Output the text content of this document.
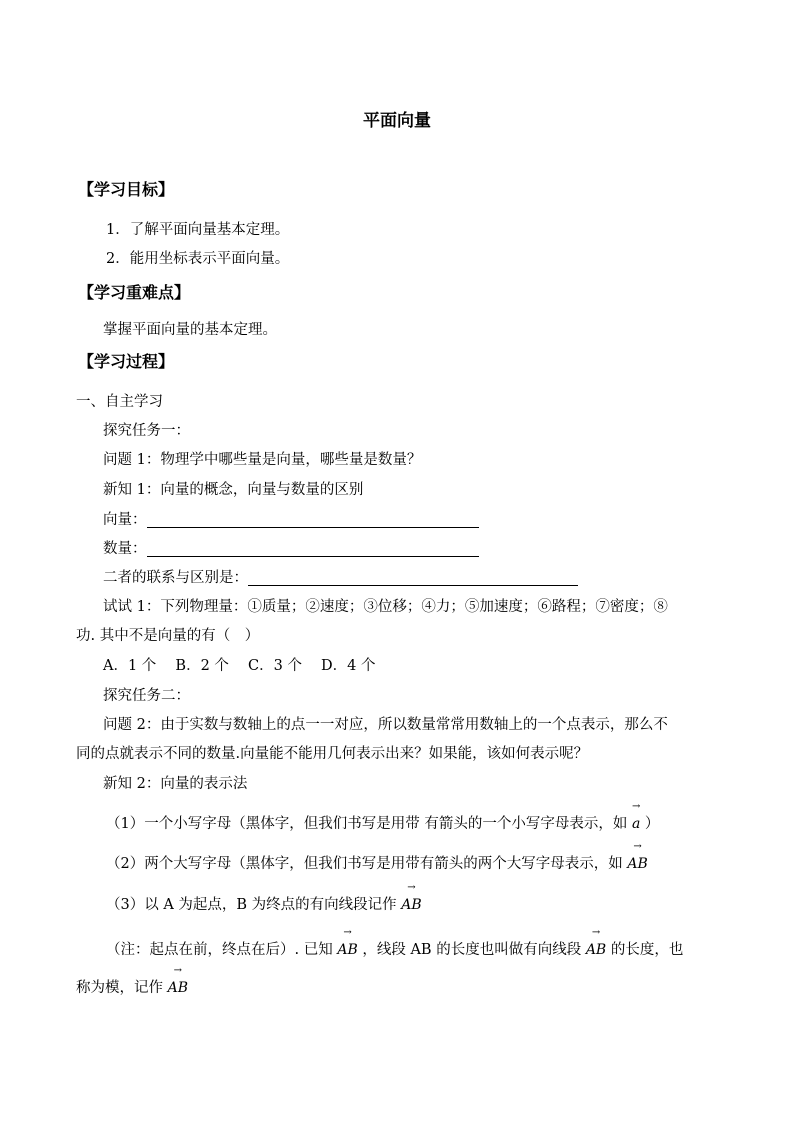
平面向量
【学习目标】
1．了解平面向量基本定理。
2．能用坐标表示平面向量。
【学习重难点】
掌握平面向量的基本定理。
【学习过程】
一、自主学习
探究任务一：
问题 1：物理学中哪些量是向量，哪些量是数量？
新知 1：向量的概念，向量与数量的区别
向量：
数量：
二者的联系与区别是：
试试 1：下列物理量：①质量；②速度；③位移；④力；⑤加速度；⑥路程；⑦密度；⑧
功. 其中不是向量的有（　）
A．1 个　 B．2 个　 C．3 个　 D．4 个
探究任务二：
问题 2：由于实数与数轴上的点一一对应，所以数量常常用数轴上的一个点表示，那么不
同的点就表示不同的数量.向量能不能用几何表示出来？如果能，该如何表示呢？
新知 2：向量的表示法
（1）一个小写字母（黑体字，但我们书写是用带 有箭头的一个小写字母表示，如
→
a ）
（2）两个大写字母（黑体字，但我们书写是用带有箭头的两个大写字母表示，如
→
AB
（3）以 A 为起点，B 为终点的有向线段记作
→
AB
（注：起点在前，终点在后）. 已知
→
AB ，线段 AB 的长度也叫做有向线段
→
AB 的长度，也
称为模，记作
→
AB
